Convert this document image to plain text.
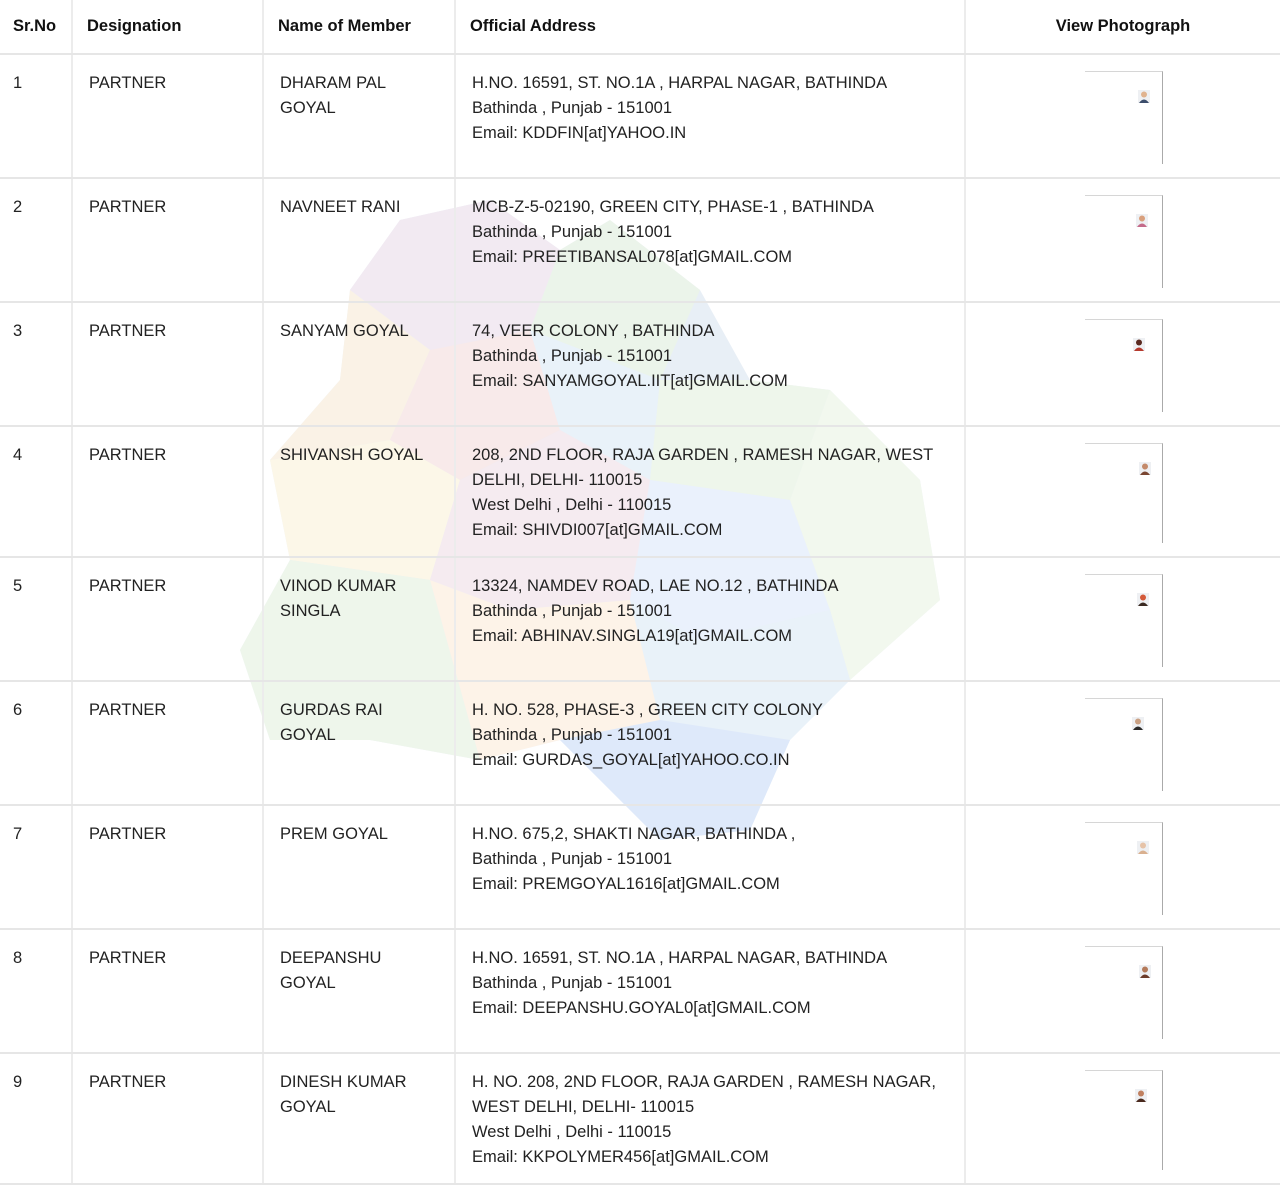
Sr.No	Designation	Name of Member	Official Address	View Photograph
1	PARTNER	DHARAM PAL GOYAL	H.NO. 16591, ST. NO.1A , HARPAL NAGAR, BATHINDA
Bathinda , Punjab - 151001
Email: KDDFIN[at]YAHOO.IN

2	PARTNER	NAVNEET RANI	MCB-Z-5-02190, GREEN CITY, PHASE-1 , BATHINDA
Bathinda , Punjab - 151001
Email: PREETIBANSAL078[at]GMAIL.COM

3	PARTNER	SANYAM GOYAL	74, VEER COLONY , BATHINDA
Bathinda , Punjab - 151001
Email: SANYAMGOYAL.IIT[at]GMAIL.COM

4	PARTNER	SHIVANSH GOYAL	208, 2ND FLOOR, RAJA GARDEN , RAMESH NAGAR, WEST DELHI, DELHI- 110015
West Delhi , Delhi - 110015
Email: SHIVDI007[at]GMAIL.COM

5	PARTNER	VINOD KUMAR SINGLA	13324, NAMDEV ROAD, LAE NO.12 , BATHINDA
Bathinda , Punjab - 151001
Email: ABHINAV.SINGLA19[at]GMAIL.COM

6	PARTNER	GURDAS RAI GOYAL	H. NO. 528, PHASE-3 , GREEN CITY COLONY
Bathinda , Punjab - 151001
Email: GURDAS_GOYAL[at]YAHOO.CO.IN

7	PARTNER	PREM GOYAL	H.NO. 675,2, SHAKTI NAGAR, BATHINDA ,
Bathinda , Punjab - 151001
Email: PREMGOYAL1616[at]GMAIL.COM

8	PARTNER	DEEPANSHU GOYAL	H.NO. 16591, ST. NO.1A , HARPAL NAGAR, BATHINDA
Bathinda , Punjab - 151001
Email: DEEPANSHU.GOYAL0[at]GMAIL.COM

9	PARTNER	DINESH KUMAR GOYAL	H. NO. 208, 2ND FLOOR, RAJA GARDEN , RAMESH NAGAR, WEST DELHI, DELHI- 110015
West Delhi , Delhi - 110015
Email: KKPOLYMER456[at]GMAIL.COM
